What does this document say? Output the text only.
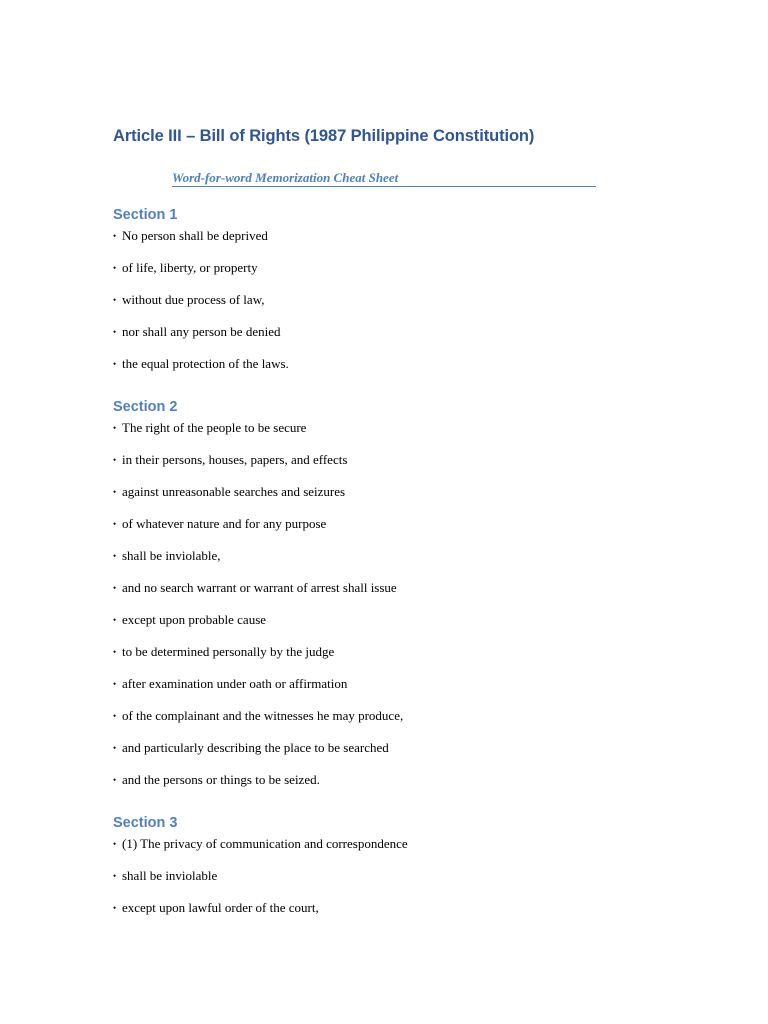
Article III – Bill of Rights (1987 Philippine Constitution)
Word-for-word Memorization Cheat Sheet
Section 1
• No person shall be deprived
• of life, liberty, or property
• without due process of law,
• nor shall any person be denied
• the equal protection of the laws.
Section 2
• The right of the people to be secure
• in their persons, houses, papers, and effects
• against unreasonable searches and seizures
• of whatever nature and for any purpose
• shall be inviolable,
• and no search warrant or warrant of arrest shall issue
• except upon probable cause
• to be determined personally by the judge
• after examination under oath or affirmation
• of the complainant and the witnesses he may produce,
• and particularly describing the place to be searched
• and the persons or things to be seized.
Section 3
• (1) The privacy of communication and correspondence
• shall be inviolable
• except upon lawful order of the court,
